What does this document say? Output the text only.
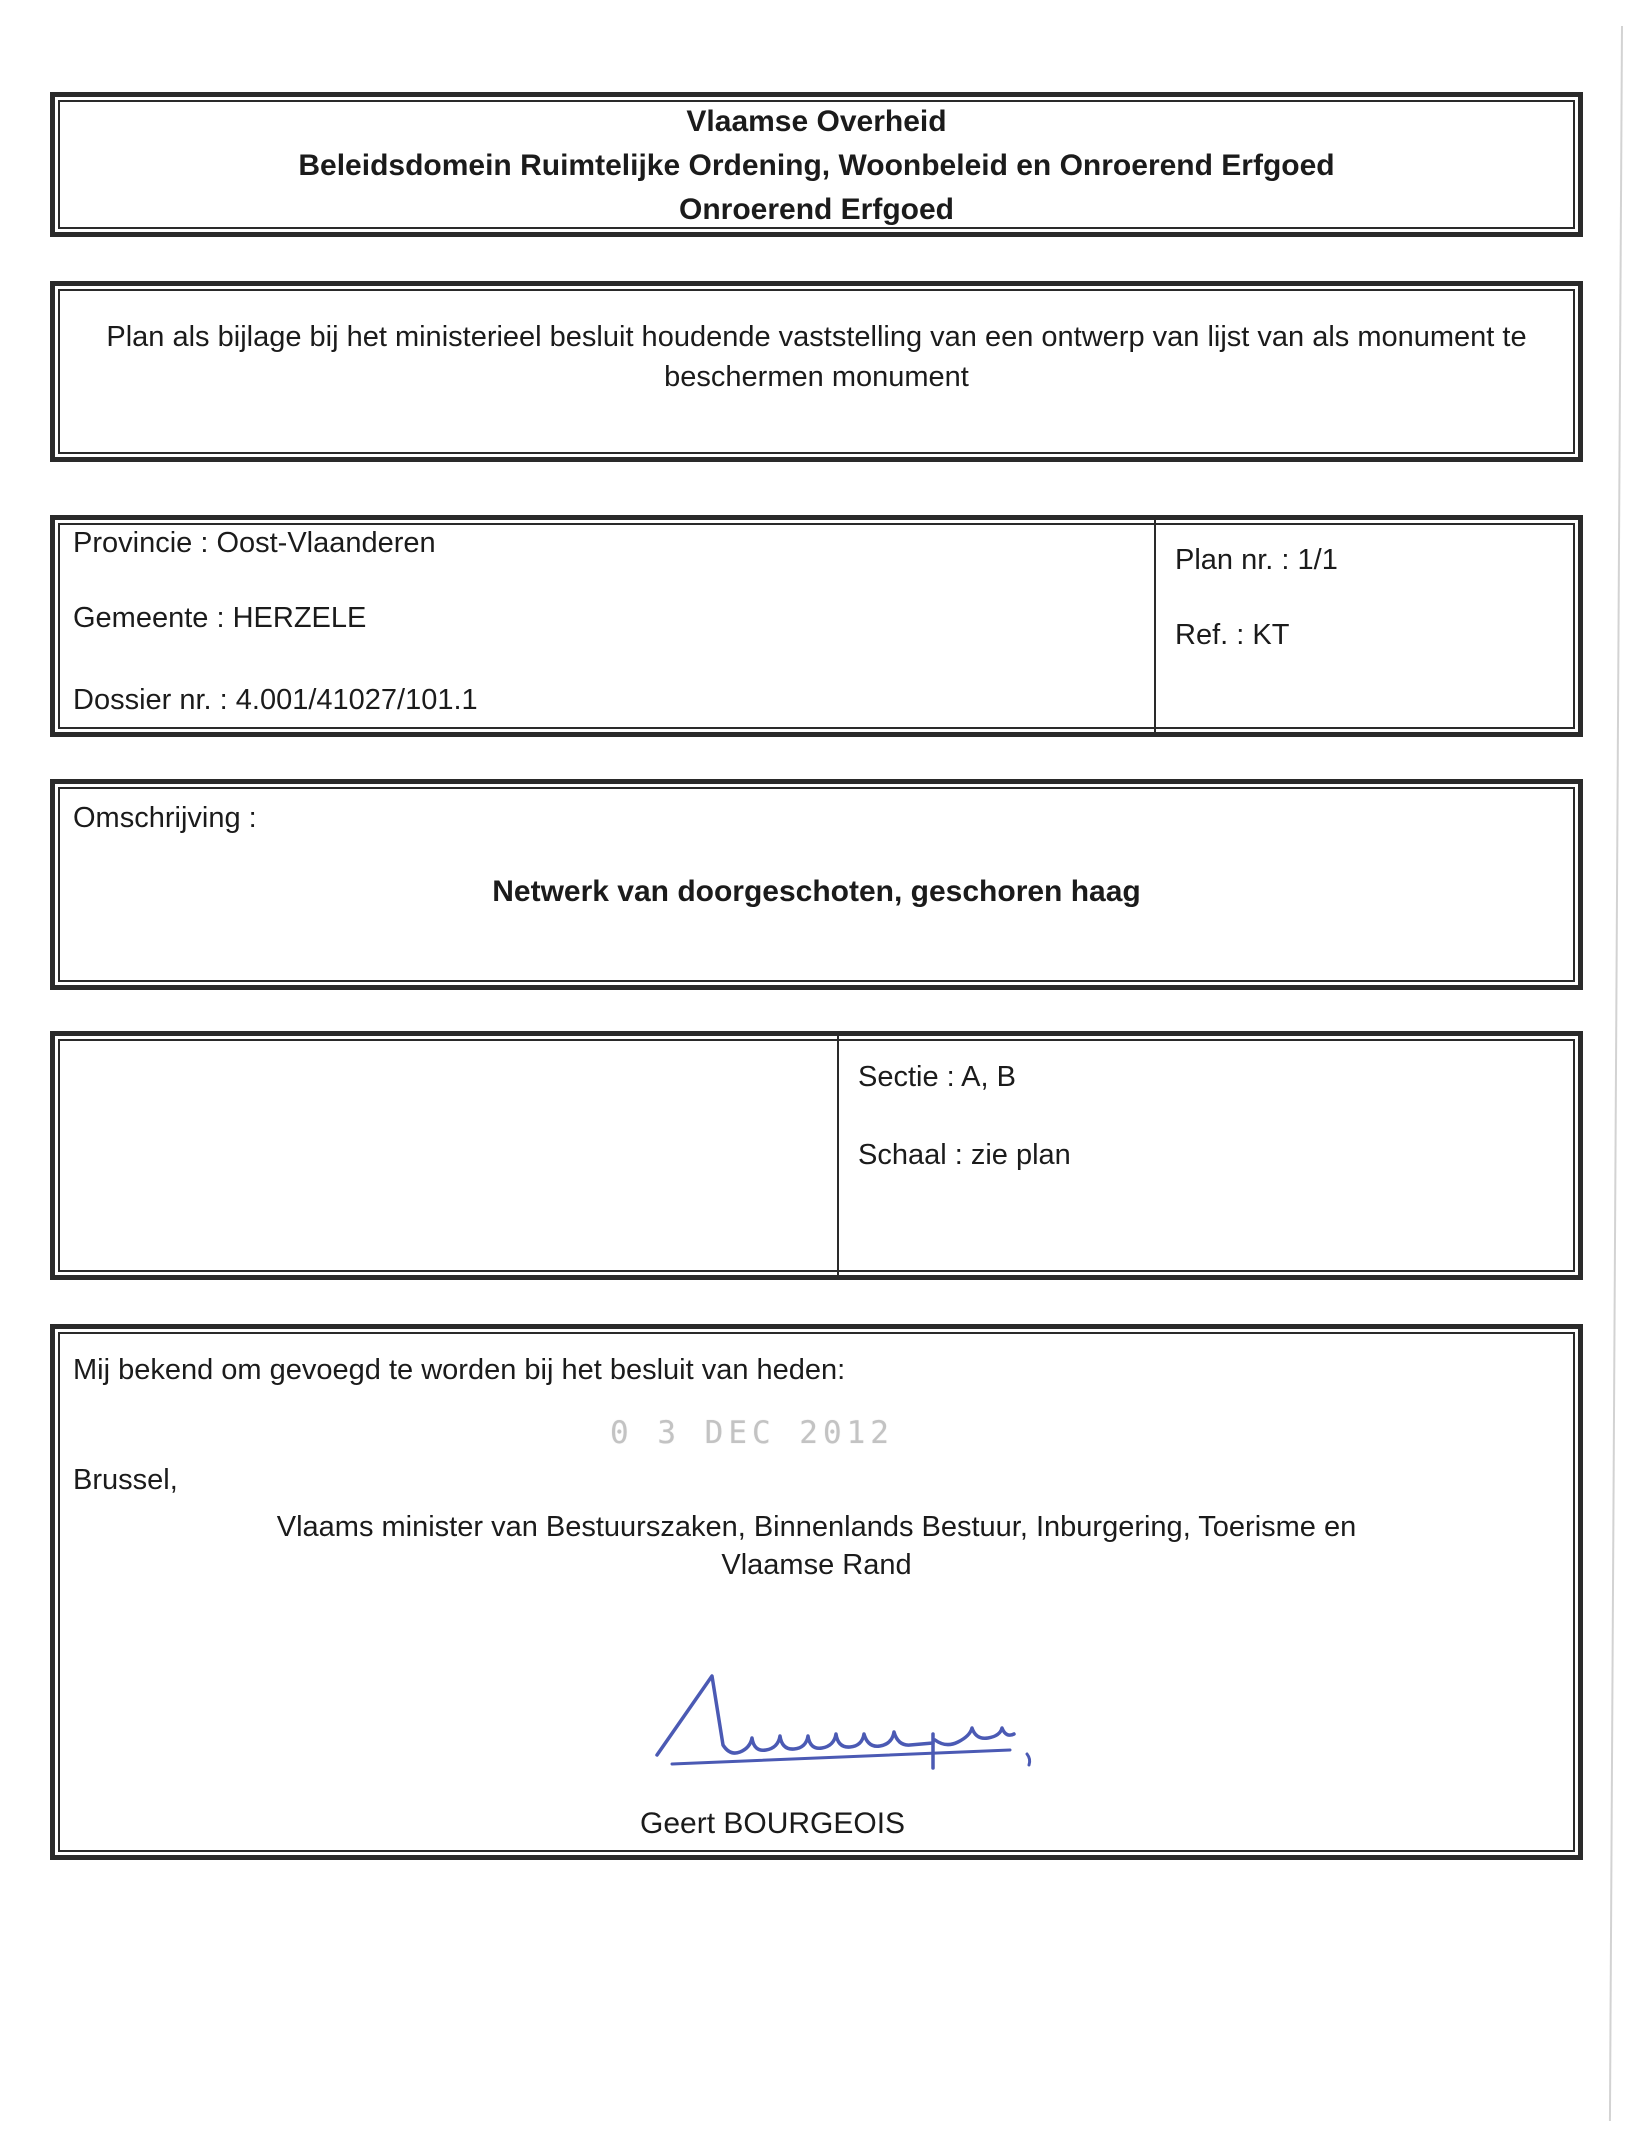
Vlaamse Overheid
Beleidsdomein Ruimtelijke Ordening, Woonbeleid en Onroerend Erfgoed
Onroerend Erfgoed

Plan als bijlage bij het ministerieel besluit houdende vaststelling van een ontwerp van lijst van als monument te beschermen monument

Provincie : Oost-Vlaanderen
Gemeente : HERZELE
Dossier nr. : 4.001/41027/101.1
Plan nr. : 1/1
Ref. : KT
Omschrijving :
Netwerk van doorgeschoten, geschoren haag
Sectie : A, B
Schaal : zie plan
Mij bekend om gevoegd te worden bij het besluit van heden:
0 3 DEC 2012
Brussel,
Vlaams minister van Bestuurszaken, Binnenlands Bestuur, Inburgering, Toerisme en Vlaamse Rand
Geert BOURGEOIS
